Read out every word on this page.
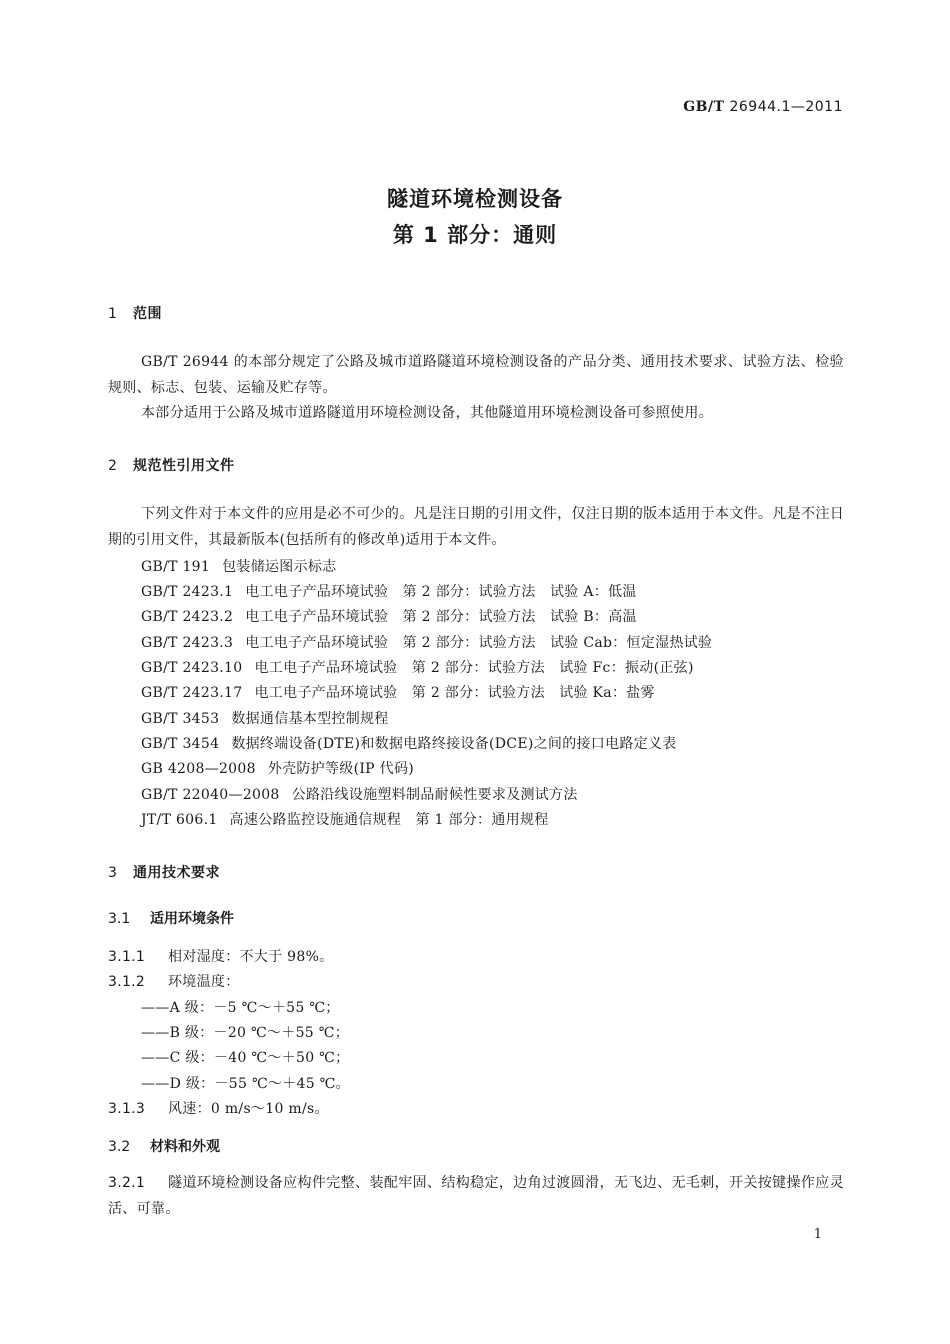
GB/T 26944.1—2011
隧道环境检测设备
第 1 部分：通则
1 范围
GB/T 26944 的本部分规定了公路及城市道路隧道环境检测设备的产品分类、通用技术要求、试验方法、检验规则、标志、包装、运输及贮存等。
本部分适用于公路及城市道路隧道用环境检测设备，其他隧道用环境检测设备可参照使用。
2 规范性引用文件
下列文件对于本文件的应用是必不可少的。凡是注日期的引用文件，仅注日期的版本适用于本文件。凡是不注日期的引用文件，其最新版本(包括所有的修改单)适用于本文件。
GB/T 191 包装储运图示标志
GB/T 2423.1 电工电子产品环境试验　第 2 部分：试验方法　试验 A：低温
GB/T 2423.2 电工电子产品环境试验　第 2 部分：试验方法　试验 B：高温
GB/T 2423.3 电工电子产品环境试验　第 2 部分：试验方法　试验 Cab：恒定湿热试验
GB/T 2423.10 电工电子产品环境试验　第 2 部分：试验方法　试验 Fc：振动(正弦)
GB/T 2423.17 电工电子产品环境试验　第 2 部分：试验方法　试验 Ka：盐雾
GB/T 3453 数据通信基本型控制规程
GB/T 3454 数据终端设备(DTE)和数据电路终接设备(DCE)之间的接口电路定义表
GB 4208—2008 外壳防护等级(IP 代码)
GB/T 22040—2008 公路沿线设施塑料制品耐候性要求及测试方法
JT/T 606.1 高速公路监控设施通信规程　第 1 部分：通用规程
3 通用技术要求
3.1 适用环境条件
3.1.1 相对湿度：不大于 98%。
3.1.2 环境温度：
——A 级：－5 ℃～＋55 ℃；
——B 级：－20 ℃～＋55 ℃；
——C 级：－40 ℃～＋50 ℃；
——D 级：－55 ℃～＋45 ℃。
3.1.3 风速：0 m/s～10 m/s。
3.2 材料和外观
3.2.1 隧道环境检测设备应构件完整、装配牢固、结构稳定，边角过渡圆滑，无飞边、无毛刺，开关按键操作应灵活、可靠。
1
